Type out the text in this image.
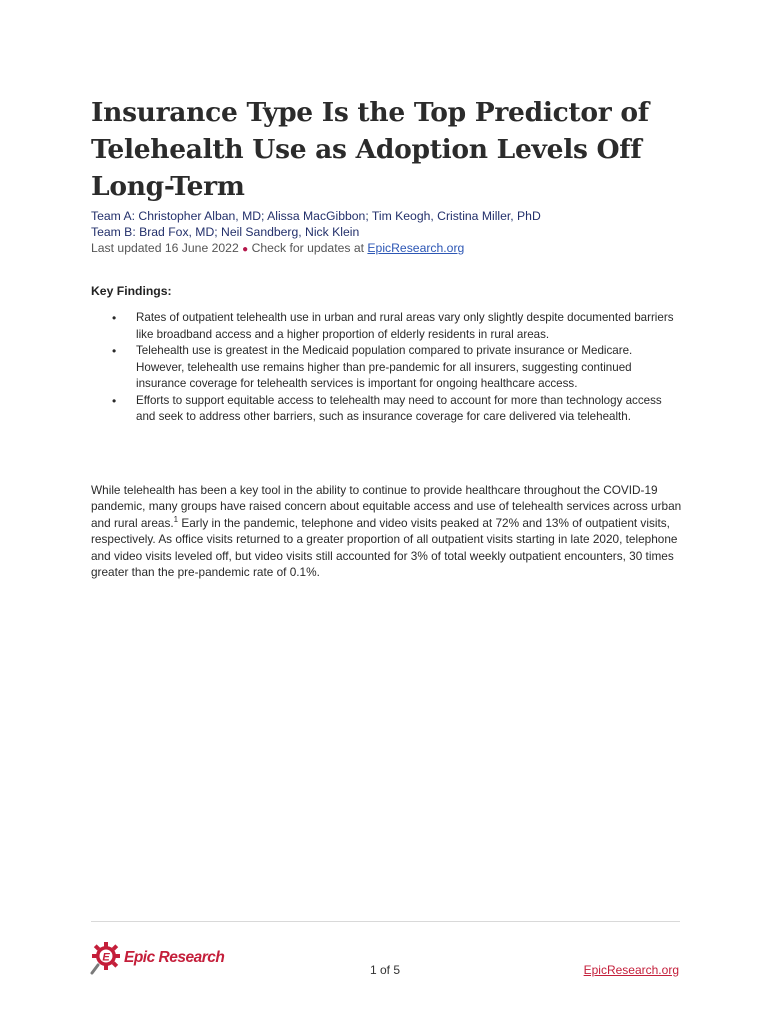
Insurance Type Is the Top Predictor of Telehealth Use as Adoption Levels Off Long-Term
Team A: Christopher Alban, MD; Alissa MacGibbon; Tim Keogh, Cristina Miller, PhD
Team B: Brad Fox, MD; Neil Sandberg, Nick Klein
Last updated 16 June 2022 ● Check for updates at EpicResearch.org
Key Findings:
• Rates of outpatient telehealth use in urban and rural areas vary only slightly despite documented barriers like broadband access and a higher proportion of elderly residents in rural areas.
• Telehealth use is greatest in the Medicaid population compared to private insurance or Medicare. However, telehealth use remains higher than pre-pandemic for all insurers, suggesting continued insurance coverage for telehealth services is important for ongoing healthcare access.
• Efforts to support equitable access to telehealth may need to account for more than technology access and seek to address other barriers, such as insurance coverage for care delivered via telehealth.

While telehealth has been a key tool in the ability to continue to provide healthcare throughout the COVID-19 pandemic, many groups have raised concern about equitable access and use of telehealth services across urban and rural areas.$^1$ Early in the pandemic, telephone and video visits peaked at 72% and 13% of outpatient visits, respectively. As office visits returned to a greater proportion of all outpatient visits starting in late 2020, telephone and video visits leveled off, but video visits still accounted for 3% of total weekly outpatient encounters, 30 times greater than the pre-pandemic rate of 0.1%.

E Epic Research
1 of 5	EpicResearch.org
